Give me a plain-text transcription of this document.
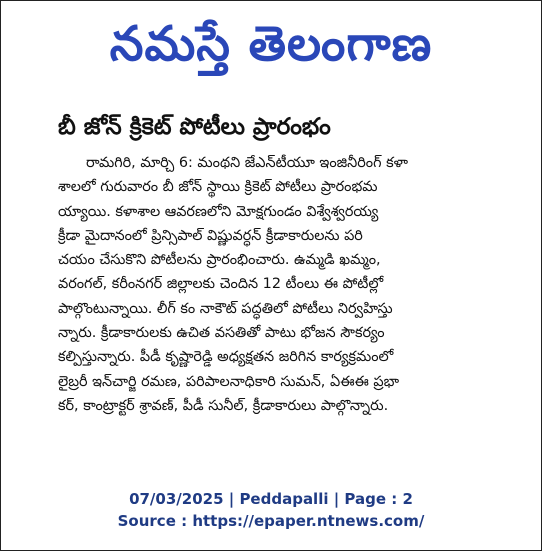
నమస్తే తెలంగాణ
బీ జోన్ క్రికెట్ పోటీలు ప్రారంభం
రామగిరి, మార్చి 6: మంథని జేఎన్‌టీయూ ఇంజినీరింగ్ కళా
శాలలో గురువారం బీ జోన్ స్థాయి క్రికెట్ పోటీలు ప్రారంభమ
య్యాయి. కళాశాల ఆవరణలోని మోక్షగుండం విశ్వేశ్వరయ్య
క్రీడా మైదానంలో ప్రిన్సిపాల్ విష్ణువర్ధన్ క్రీడాకారులను పరి
చయం చేసుకొని పోటీలను ప్రారంభించారు. ఉమ్మడి ఖమ్మం,
వరంగల్, కరీంనగర్ జిల్లాలకు చెందిన 12 టీంలు ఈ పోటీల్లో
పాల్గొంటున్నాయి. లీగ్ కం నాకౌట్ పద్ధతిలో పోటీలు నిర్వహిస్తు
న్నారు. క్రీడాకారులకు ఉచిత వసతితో పాటు భోజన సౌకర్యం
కల్పిస్తున్నారు. పీడీ కృష్ణారెడ్డి అధ్యక్షతన జరిగిన కార్యక్రమంలో
లైబ్రరీ ఇన్‌చార్జి రమణ, పరిపాలనాధికారి సుమన్, ఏఈఈ ప్రభా
కర్, కాంట్రాక్టర్ శ్రావణ్, పీడీ సునీల్, క్రీడాకారులు పాల్గొన్నారు.
07/03/2025 | Peddapalli | Page : 2
Source : https://epaper.ntnews.com/
